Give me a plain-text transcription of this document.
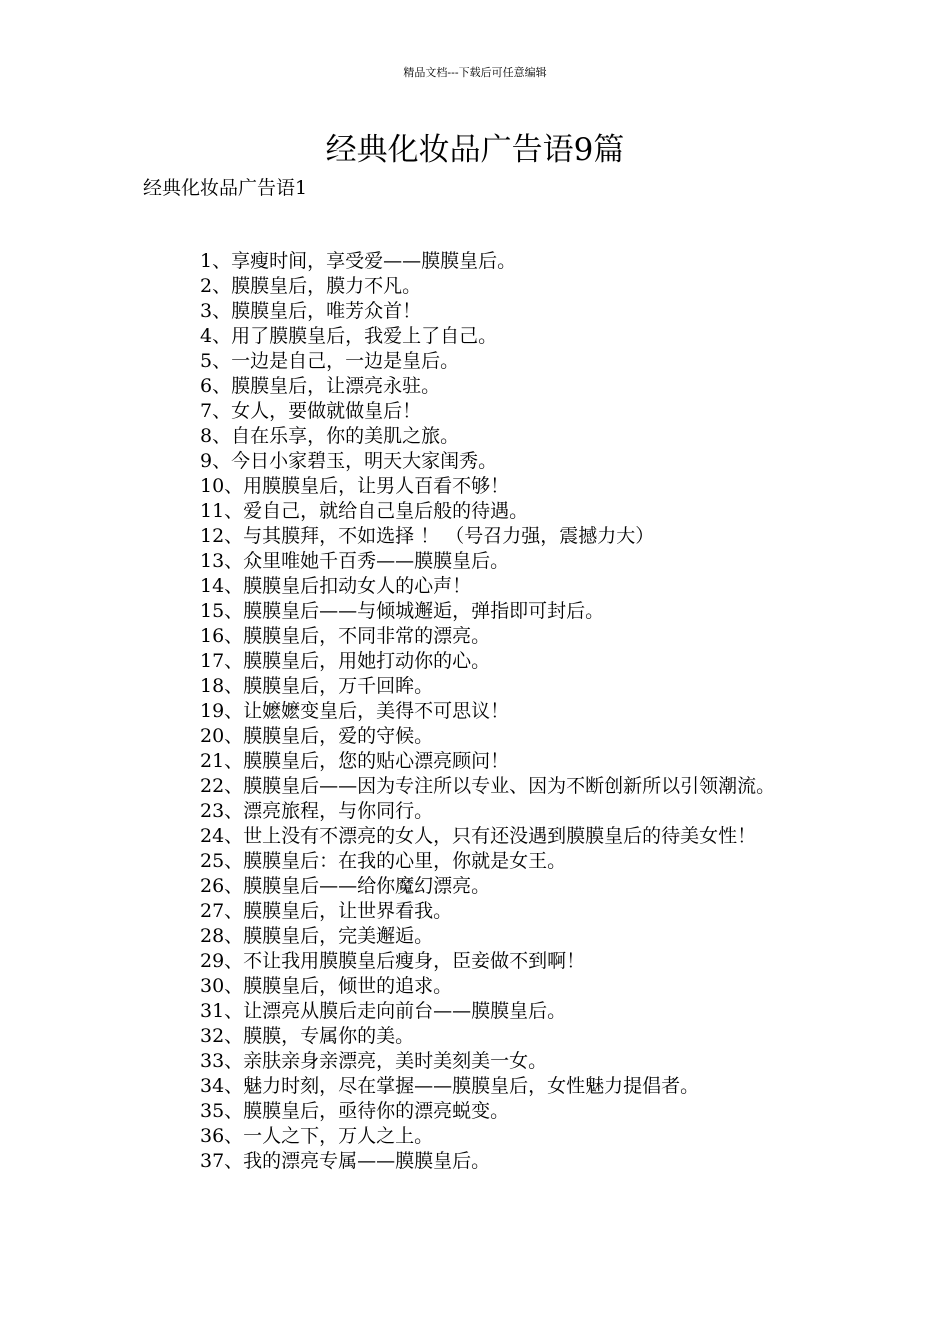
精品文档---下载后可任意编辑
经典化妆品广告语9篇
经典化妆品广告语1
1、享瘦时间，享受爱——膜膜皇后。
2、膜膜皇后，膜力不凡。
3、膜膜皇后，唯芳众首！
4、用了膜膜皇后，我爱上了自己。
5、一边是自己，一边是皇后。
6、膜膜皇后，让漂亮永驻。
7、女人，要做就做皇后！
8、自在乐享，你的美肌之旅。
9、今日小家碧玉，明天大家闺秀。
10、用膜膜皇后，让男人百看不够！
11、爱自己，就给自己皇后般的待遇。
12、与其膜拜，不如选择 ！ （号召力强，震撼力大）
13、众里唯她千百秀——膜膜皇后。
14、膜膜皇后扣动女人的心声！
15、膜膜皇后——与倾城邂逅，弹指即可封后。
16、膜膜皇后，不同非常的漂亮。
17、膜膜皇后，用她打动你的心。
18、膜膜皇后，万千回眸。
19、让嬷嬷变皇后，美得不可思议！
20、膜膜皇后，爱的守候。
21、膜膜皇后，您的贴心漂亮顾问！
22、膜膜皇后——因为专注所以专业、因为不断创新所以引领潮流。
23、漂亮旅程，与你同行。
24、世上没有不漂亮的女人，只有还没遇到膜膜皇后的待美女性！
25、膜膜皇后：在我的心里，你就是女王。
26、膜膜皇后——给你魔幻漂亮。
27、膜膜皇后，让世界看我。
28、膜膜皇后，完美邂逅。
29、不让我用膜膜皇后瘦身，臣妾做不到啊！
30、膜膜皇后，倾世的追求。
31、让漂亮从膜后走向前台——膜膜皇后。
32、膜膜，专属你的美。
33、亲肤亲身亲漂亮，美时美刻美一女。
34、魅力时刻，尽在掌握——膜膜皇后，女性魅力提倡者。
35、膜膜皇后，亟待你的漂亮蜕变。
36、一人之下，万人之上。
37、我的漂亮专属——膜膜皇后。
